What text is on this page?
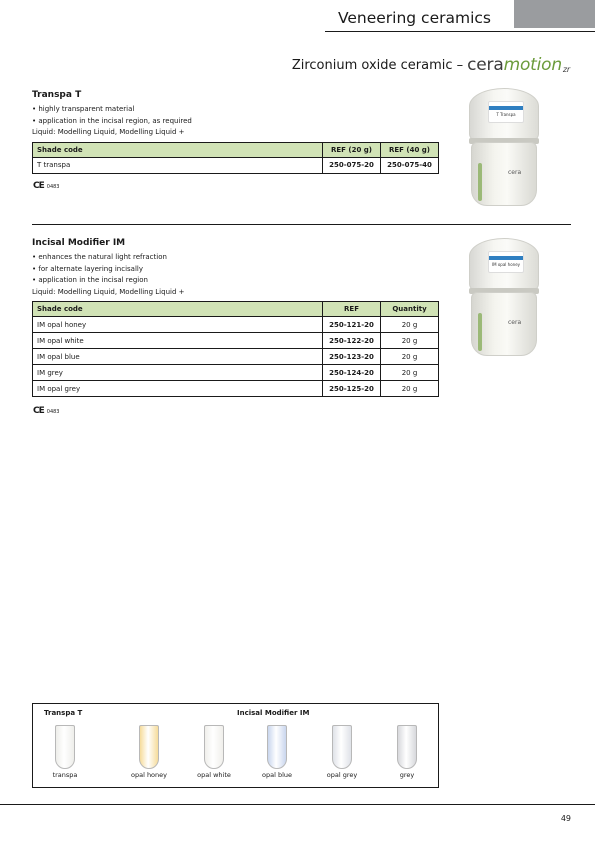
Veneering ceramics
Zirconium oxide ceramic – ceramotionzr
Transpa T
• highly transparent material
• application in the incisal region, as required
Liquid: Modelling Liquid, Modelling Liquid +
Shade code	REF (20 g)	REF (40 g)
T transpa	250-075-20	250-075-40
CE 0483
T Transpa
cera
Incisal Modifier IM
• enhances the natural light refraction
• for alternate layering incisally
• application in the incisal region
Liquid: Modelling Liquid, Modelling Liquid +
Shade code	REF	Quantity
IM opal honey	250-121-20	20 g
IM opal white	250-122-20	20 g
IM opal blue	250-123-20	20 g
IM grey	250-124-20	20 g
IM opal grey	250-125-20	20 g
CE 0483
IM opal honey
cera
Transpa T	Incisal Modifier IM
transpa	opal honey	opal white	opal blue	opal grey	grey
49
